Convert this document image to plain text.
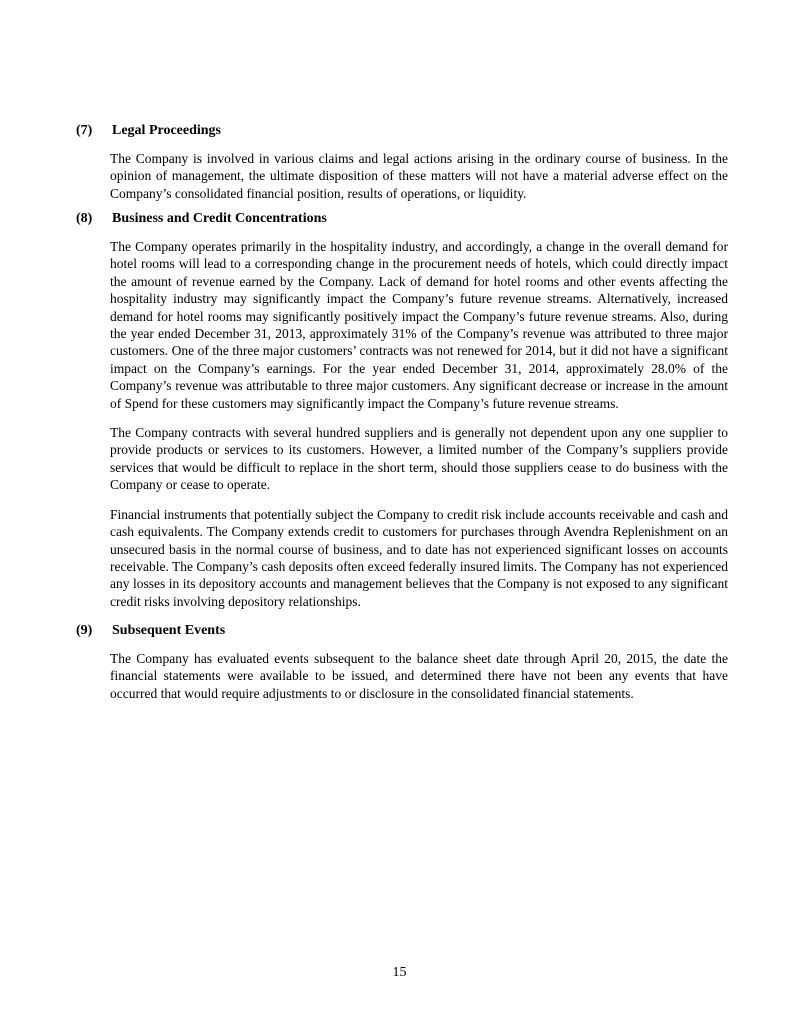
(7) Legal Proceedings

The Company is involved in various claims and legal actions arising in the ordinary course of business. In the opinion of management, the ultimate disposition of these matters will not have a material adverse effect on the Company’s consolidated financial position, results of operations, or liquidity.

(8) Business and Credit Concentrations

The Company operates primarily in the hospitality industry, and accordingly, a change in the overall demand for hotel rooms will lead to a corresponding change in the procurement needs of hotels, which could directly impact the amount of revenue earned by the Company. Lack of demand for hotel rooms and other events affecting the hospitality industry may significantly impact the Company’s future revenue streams. Alternatively, increased demand for hotel rooms may significantly positively impact the Company’s future revenue streams. Also, during the year ended December 31, 2013, approximately 31% of the Company’s revenue was attributed to three major customers. One of the three major customers’ contracts was not renewed for 2014, but it did not have a significant impact on the Company’s earnings. For the year ended December 31, 2014, approximately 28.0% of the Company’s revenue was attributable to three major customers. Any significant decrease or increase in the amount of Spend for these customers may significantly impact the Company’s future revenue streams.

The Company contracts with several hundred suppliers and is generally not dependent upon any one supplier to provide products or services to its customers. However, a limited number of the Company’s suppliers provide services that would be difficult to replace in the short term, should those suppliers cease to do business with the Company or cease to operate.

Financial instruments that potentially subject the Company to credit risk include accounts receivable and cash and cash equivalents. The Company extends credit to customers for purchases through Avendra Replenishment on an unsecured basis in the normal course of business, and to date has not experienced significant losses on accounts receivable. The Company’s cash deposits often exceed federally insured limits. The Company has not experienced any losses in its depository accounts and management believes that the Company is not exposed to any significant credit risks involving depository relationships.

(9) Subsequent Events

The Company has evaluated events subsequent to the balance sheet date through April 20, 2015, the date the financial statements were available to be issued, and determined there have not been any events that have occurred that would require adjustments to or disclosure in the consolidated financial statements.

15
